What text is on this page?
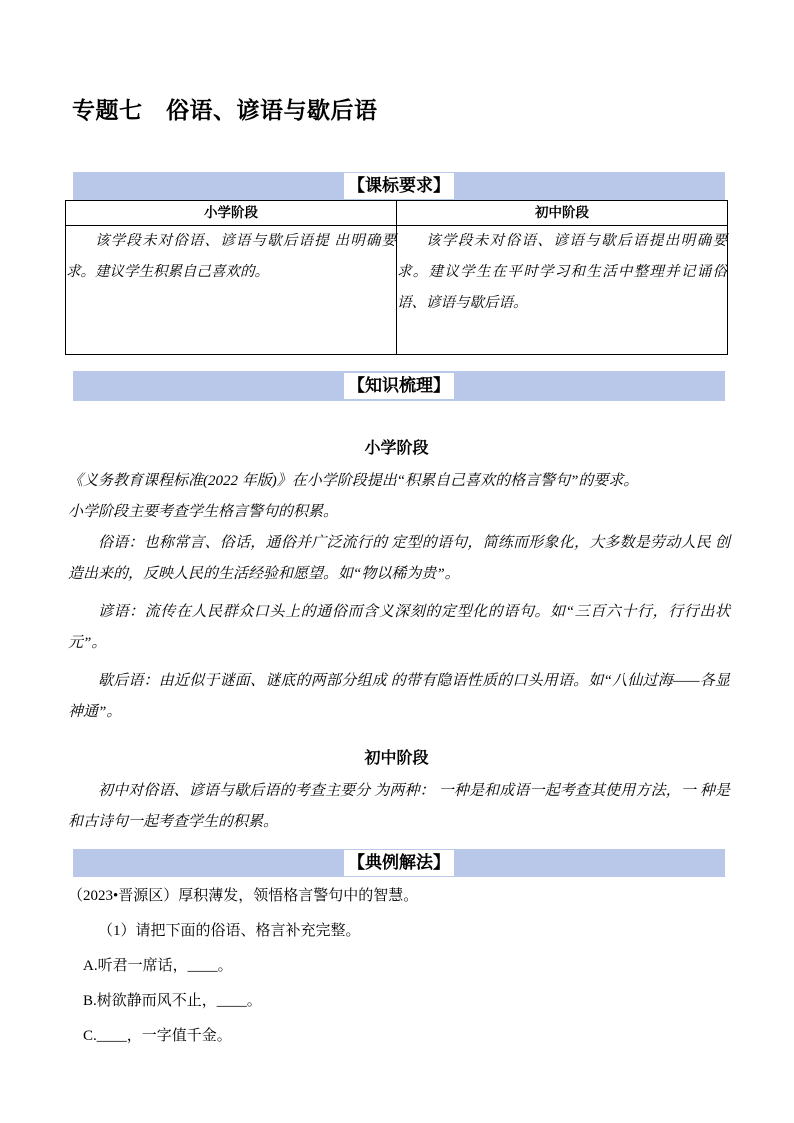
专题七　俗语、谚语与歇后语
【课标要求】
小学阶段	初中阶段

该学段未对俗语、谚语与歇后语提 出明确要求。建议学生积累自己喜欢的。	该学段未对俗语、谚语与歇后语提出明确要求。建议学生在平时学习和生活中整理并记诵俗语、谚语与歇后语。

【知识梳理】
小学阶段

《义务教育课程标准(2022 年版)》在小学阶段提出“积累自己喜欢的格言警句”的要求。

小学阶段主要考查学生格言警句的积累。

俗语：也称常言、俗话，通俗并广泛流行的 定型的语句，简练而形象化，大多数是劳动人民 创造出来的，反映人民的生活经验和愿望。如“物以稀为贵”。

谚语：流传在人民群众口头上的通俗而含义深刻的定型化的语句。如“三百六十行，行行出状元”。

歇后语：由近似于谜面、谜底的两部分组成 的带有隐语性质的口头用语。如“八仙过海——各显神通”。

初中阶段

初中对俗语、谚语与歇后语的考查主要分 为两种： 一种是和成语一起考查其使用方法，一 种是和古诗句一起考查学生的积累。

【典例解法】

（2023•晋源区）厚积薄发，领悟格言警句中的智慧。

（1）请把下面的俗语、格言补充完整。

A.听君一席话，____。

B.树欲静而风不止，____。

C.____，一字值千金。
